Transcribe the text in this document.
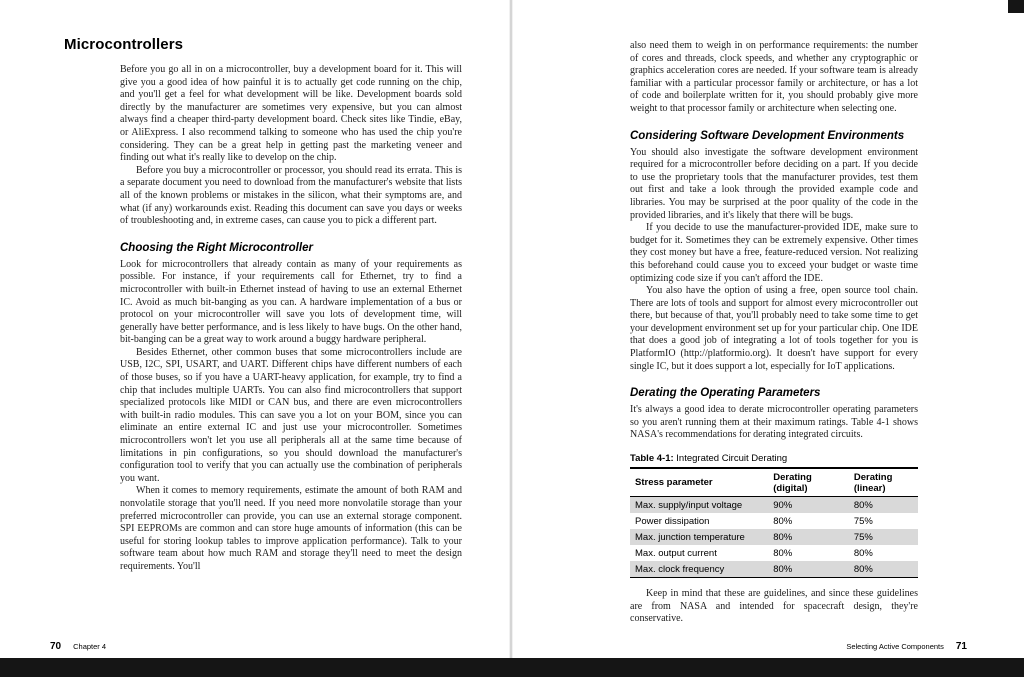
Microcontrollers

Before you go all in on a microcontroller, buy a development board for it. This will give you a good idea of how painful it is to actually get code running on the chip, and you'll get a feel for what development will be like. Development boards sold directly by the manufacturer are sometimes very expensive, but you can almost always find a cheaper third-party development board. Check sites like Tindie, eBay, or AliExpress. I also recommend talking to someone who has used the chip you're considering. They can be a great help in getting past the marketing veneer and finding out what it's really like to develop on the chip.

Before you buy a microcontroller or processor, you should read its errata. This is a separate document you need to download from the manufacturer's website that lists all of the known problems or mistakes in the silicon, what their symptoms are, and what (if any) workarounds exist. Reading this document can save you days or weeks of troubleshooting and, in extreme cases, can cause you to pick a different part.

Choosing the Right Microcontroller

Look for microcontrollers that already contain as many of your requirements as possible. For instance, if your requirements call for Ethernet, try to find a microcontroller with built-in Ethernet instead of having to use an external Ethernet IC. Avoid as much bit-banging as you can. A hardware implementation of a bus or protocol on your microcontroller will save you lots of development time, will generally have better performance, and is less likely to have bugs. On the other hand, bit-banging can be a great way to work around a buggy hardware peripheral.

Besides Ethernet, other common buses that some microcontrollers include are USB, I2C, SPI, USART, and UART. Different chips have different numbers of each of those buses, so if you have a UART-heavy application, for example, try to find a chip that includes multiple UARTs. You can also find microcontrollers that support specialized protocols like MIDI or CAN bus, and there are even microcontrollers with built-in radio modules. This can save you a lot on your BOM, since you can eliminate an entire external IC and just use your microcontroller. Sometimes microcontrollers won't let you use all peripherals all at the same time because of limitations in pin configurations, so you should download the manufacturer's configuration tool to verify that you can actually use the combination of peripherals you want.

When it comes to memory requirements, estimate the amount of both RAM and nonvolatile storage that you'll need. If you need more nonvolatile storage than your preferred microcontroller can provide, you can use an external storage component. SPI EEPROMs are common and can store huge amounts of information (this can be useful for storing lookup tables to improve application performance). Talk to your software team about how much RAM and storage they'll need to meet the design requirements. You'll

70 Chapter 4

also need them to weigh in on performance requirements: the number of cores and threads, clock speeds, and whether any cryptographic or graphics acceleration cores are needed. If your software team is already familiar with a particular processor family or architecture, or has a lot of code and boilerplate written for it, you should probably give more weight to that processor family or architecture when selecting one.

Considering Software Development Environments

You should also investigate the software development environment required for a microcontroller before deciding on a part. If you decide to use the proprietary tools that the manufacturer provides, test them out first and take a look through the provided example code and libraries. You may be surprised at the poor quality of the code in the provided libraries, and it's likely that there will be bugs.

If you decide to use the manufacturer-provided IDE, make sure to budget for it. Sometimes they can be extremely expensive. Other times they cost money but have a free, feature-reduced version. Not realizing this beforehand could cause you to exceed your budget or waste time optimizing code size if you can't afford the IDE.

You also have the option of using a free, open source tool chain. There are lots of tools and support for almost every microcontroller out there, but because of that, you'll probably need to take some time to get your development environment set up for your particular chip. One IDE that does a good job of integrating a lot of tools together for you is PlatformIO (http://platformio.org). It doesn't have support for every single IC, but it does support a lot, especially for IoT applications.

Derating the Operating Parameters

It's always a good idea to derate microcontroller operating parameters so you aren't running them at their maximum ratings. Table 4-1 shows NASA's recommendations for derating integrated circuits.

Table 4-1: Integrated Circuit Derating
Stress parameter	Derating (digital)	Derating (linear)
Max. supply/input voltage	90%	80%
Power dissipation	80%	75%
Max. junction temperature	80%	75%
Max. output current	80%	80%
Max. clock frequency	80%	80%

Keep in mind that these are guidelines, and since these guidelines are from NASA and intended for spacecraft design, they're conservative.

Selecting Active Components 71
